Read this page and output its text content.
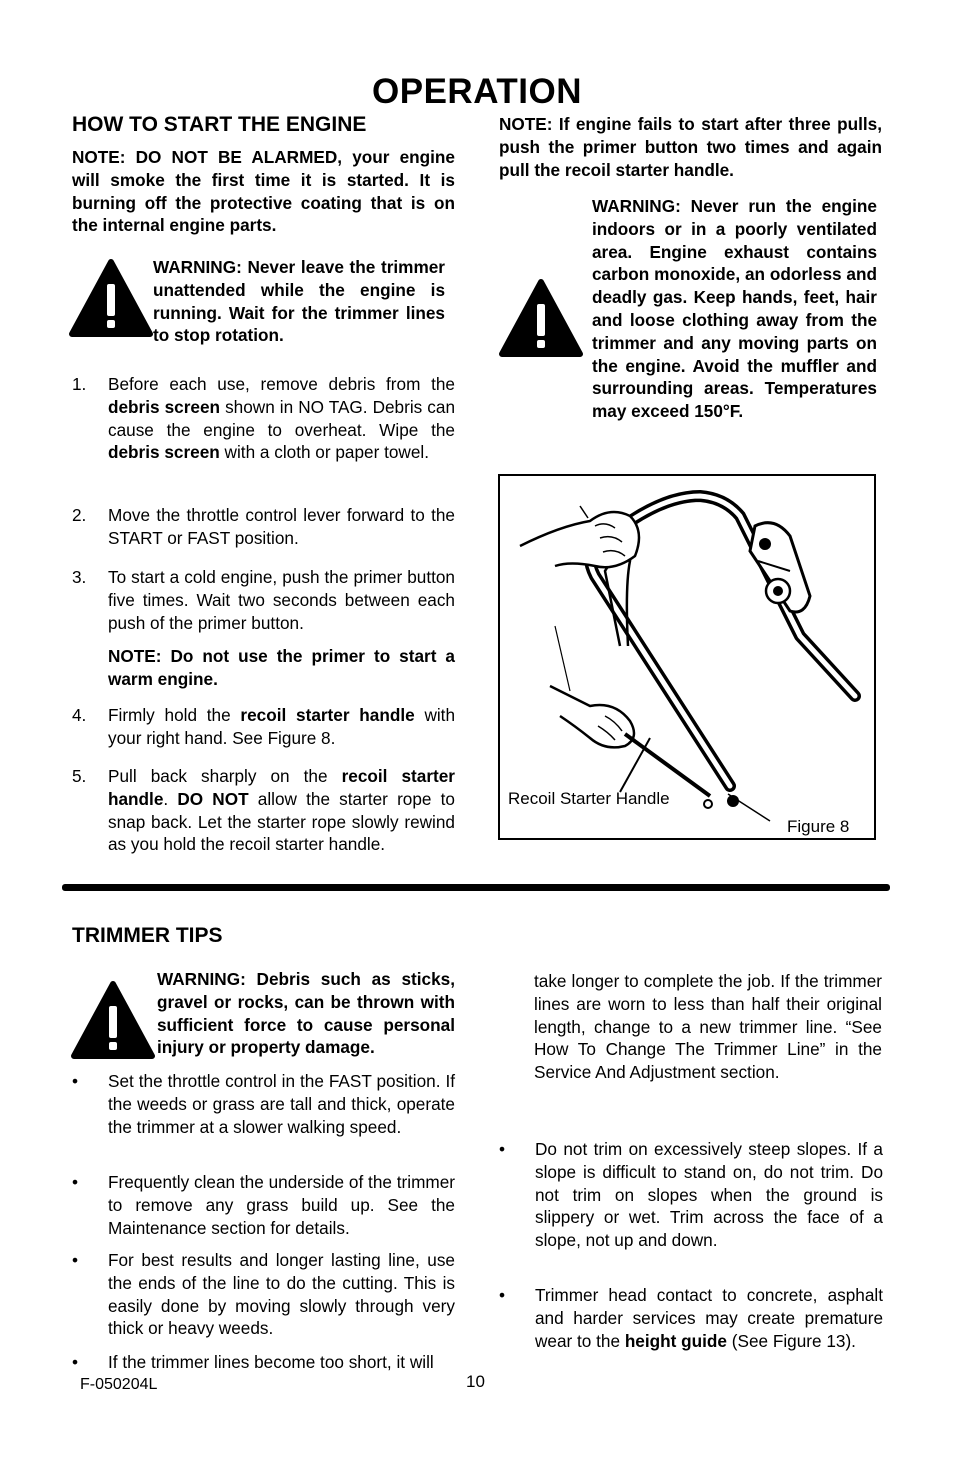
OPERATION
HOW TO START THE ENGINE
NOTE: DO NOT BE ALARMED, your engine will smoke the first time it is started. It is burning off the protective coating that is on the internal engine parts.
WARNING: Never leave the trimmer unattended while the engine is running. Wait for the trimmer lines to stop rotation.
1. Before each use, remove debris from the debris screen shown in NO TAG. Debris can cause the engine to overheat. Wipe the debris screen with a cloth or paper towel.
2. Move the throttle control lever forward to the START or FAST position.
3. To start a cold engine, push the primer button five times. Wait two seconds between each push of the primer button.
NOTE: Do not use the primer to start a warm engine.
4. Firmly hold the recoil starter handle with your right hand. See Figure 8.
5. Pull back sharply on the recoil starter handle. DO NOT allow the starter rope to snap back. Let the starter rope slowly rewind as you hold the recoil starter handle.
NOTE: If engine fails to start after three pulls, push the primer button two times and again pull the recoil starter handle.
WARNING: Never run the engine indoors or in a poorly ventilated area. Engine exhaust contains carbon monoxide, an odorless and deadly gas. Keep hands, feet, hair and loose clothing away from the trimmer and any moving parts on the engine. Avoid the muffler and surrounding areas. Temperatures may exceed 150°F.
Recoil Starter Handle
Figure 8
TRIMMER TIPS
WARNING: Debris such as sticks, gravel or rocks, can be thrown with sufficient force to cause personal injury or property damage.
• Set the throttle control in the FAST position. If the weeds or grass are tall and thick, operate the trimmer at a slower walking speed.
• Frequently clean the underside of the trimmer to remove any grass build up. See the Maintenance section for details.
• For best results and longer lasting line, use the ends of the line to do the cutting. This is easily done by moving slowly through very thick or heavy weeds.
• If the trimmer lines become too short, it will
take longer to complete the job. If the trimmer lines are worn to less than half their original length, change to a new trimmer line. “See How To Change The Trimmer Line” in the Service And Adjustment section.
• Do not trim on excessively steep slopes. If a slope is difficult to stand on, do not trim. Do not trim on slopes when the ground is slippery or wet. Trim across the face of a slope, not up and down.
• Trimmer head contact to concrete, asphalt and harder services may create premature wear to the height guide (See Figure 13).
F-050204L	10
